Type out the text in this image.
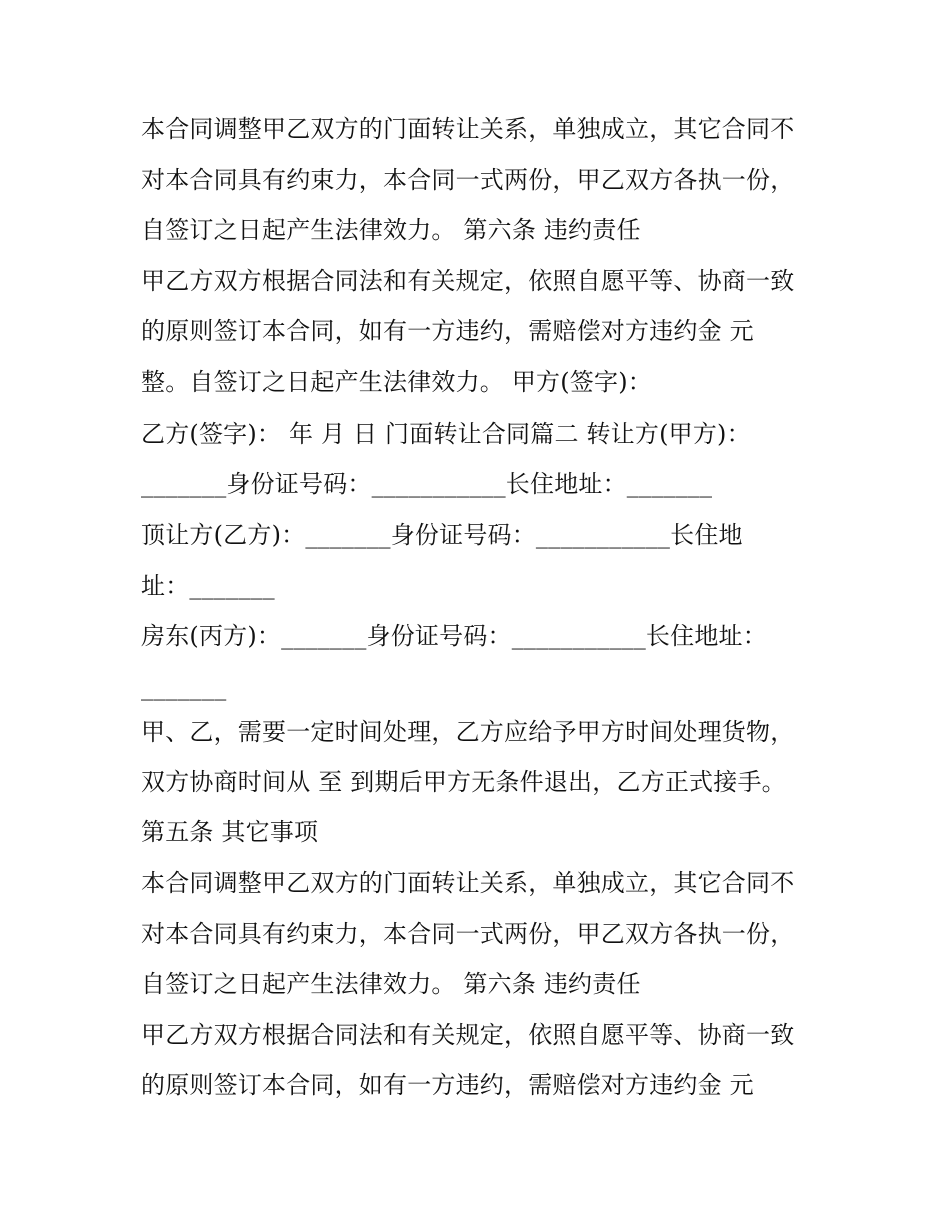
本合同调整甲乙双方的门面转让关系，单独成立，其它合同不
对本合同具有约束力，本合同一式两份，甲乙双方各执一份，
自签订之日起产生法律效力。 第六条 违约责任
甲乙方双方根据合同法和有关规定，依照自愿平等、协商一致
的原则签订本合同，如有一方违约，需赔偿对方违约金 元
整。自签订之日起产生法律效力。 甲方(签字)：
乙方(签字)： 年 月 日 门面转让合同篇二 转让方(甲方)：
_______身份证号码：___________长住地址：_______
顶让方(乙方)：_______身份证号码：___________长住地
址：_______
房东(丙方)：_______身份证号码：___________长住地址：
_______
甲、乙，需要一定时间处理，乙方应给予甲方时间处理货物，
双方协商时间从 至 到期后甲方无条件退出，乙方正式接手。
第五条 其它事项
本合同调整甲乙双方的门面转让关系，单独成立，其它合同不
对本合同具有约束力，本合同一式两份，甲乙双方各执一份，
自签订之日起产生法律效力。 第六条 违约责任
甲乙方双方根据合同法和有关规定，依照自愿平等、协商一致
的原则签订本合同，如有一方违约，需赔偿对方违约金 元
